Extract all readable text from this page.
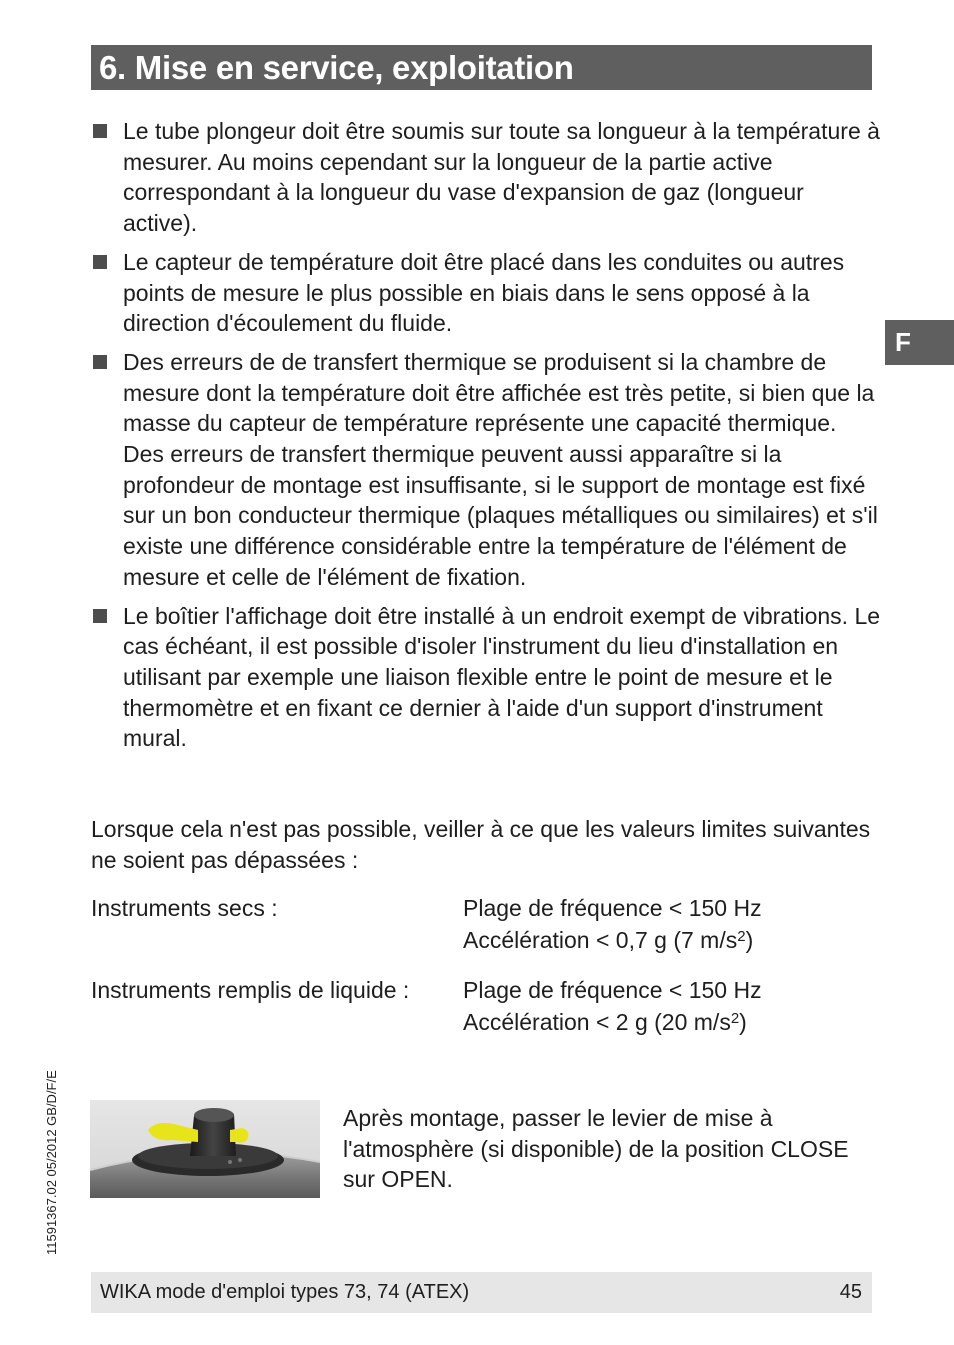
6. Mise en service, exploitation
F
Le tube plongeur doit être soumis sur toute sa longueur à la température à mesurer. Au moins cependant sur la longueur de la partie active correspondant à la longueur du vase d'expansion de gaz (longueur active).
Le capteur de température doit être placé dans les conduites ou autres points de mesure le plus possible en biais dans le sens opposé à la direction d'écoulement du fluide.
Des erreurs de de transfert thermique se produisent si la chambre de mesure dont la température doit être affichée est très petite, si bien que la masse du capteur de température représente une capacité thermique. Des erreurs de transfert thermique peuvent aussi apparaître si la profondeur de montage est insuffisante, si le support de montage est fixé sur un bon conducteur thermique (plaques métalliques ou similaires) et s'il existe une différence considérable entre la température de l'élément de mesure et celle de l'élément de fixation.
Le boîtier l'affichage doit être installé à un endroit exempt de vibrations. Le cas échéant, il est possible d'isoler l'instrument du lieu d'installation en utilisant par exemple une liaison flexible entre le point de mesure et le thermomètre et en fixant ce dernier à l'aide d'un support d'instrument mural.

Lorsque cela n'est pas possible, veiller à ce que les valeurs limites suivantes ne soient pas dépassées :

Instruments secs :	Plage de fréquence < 150 Hz
Accélération < 0,7 g (7 $m/s^2$)
Instruments remplis de liquide : Plage de fréquence < 150 Hz
Accélération < 2 g (20 $m/s^2$)

Après montage, passer le levier de mise à l'atmosphère (si disponible) de la position CLOSE sur OPEN.

11591367.02 05/2012 GB/D/F/E
WIKA mode d'emploi types 73, 74 (ATEX)	45
